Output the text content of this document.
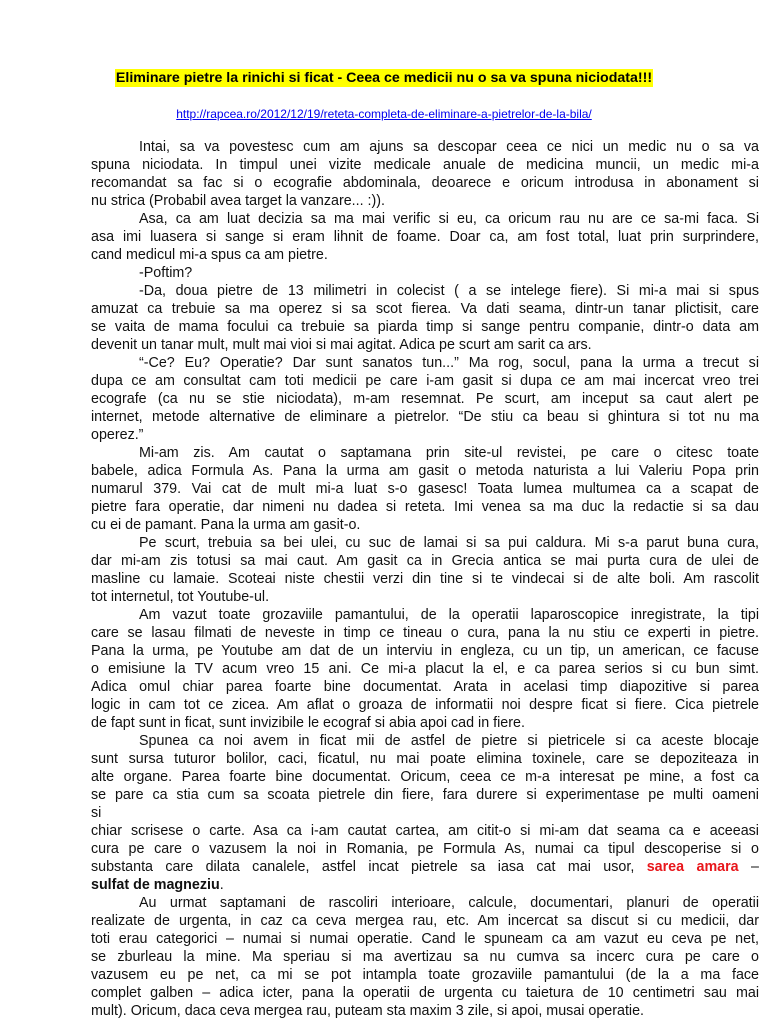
Eliminare pietre la rinichi si ficat - Ceea ce medicii nu o sa va spuna niciodata!!!
http://rapcea.ro/2012/12/19/reteta-completa-de-eliminare-a-pietrelor-de-la-bila/
Intai, sa va povestesc cum am ajuns sa descopar ceea ce nici un medic nu o sa va
spuna niciodata. In timpul unei vizite medicale anuale de medicina muncii, un medic mi-a
recomandat sa fac si o ecografie abdominala, deoarece e oricum introdusa in abonament si
nu strica (Probabil avea target la vanzare... :)).
Asa, ca am luat decizia sa ma mai verific si eu, ca oricum rau nu are ce sa-mi faca. Si
asa imi luasera si sange si eram lihnit de foame. Doar ca, am fost total, luat prin surprindere,
cand medicul mi-a spus ca am pietre.
-Poftim?
-Da, doua pietre de 13 milimetri in colecist ( a se intelege fiere). Si mi-a mai si spus
amuzat ca trebuie sa ma operez si sa scot fierea. Va dati seama, dintr-un tanar plictisit, care
se vaita de mama focului ca trebuie sa piarda timp si sange pentru companie, dintr-o data am
devenit un tanar mult, mult mai vioi si mai agitat. Adica pe scurt am sarit ca ars.
“-Ce? Eu? Operatie? Dar sunt sanatos tun...” Ma rog, socul, pana la urma a trecut si
dupa ce am consultat cam toti medicii pe care i-am gasit si dupa ce am mai incercat vreo trei
ecografe (ca nu se stie niciodata), m-am resemnat. Pe scurt, am inceput sa caut alert pe
internet, metode alternative de eliminare a pietrelor. “De stiu ca beau si ghintura si tot nu ma
operez.”
Mi-am zis. Am cautat o saptamana prin site-ul revistei, pe care o citesc toate
babele, adica Formula As. Pana la urma am gasit o metoda naturista a lui Valeriu Popa prin
numarul 379. Vai cat de mult mi-a luat s-o gasesc! Toata lumea multumea ca a scapat de
pietre fara operatie, dar nimeni nu dadea si reteta. Imi venea sa ma duc la redactie si sa dau
cu ei de pamant. Pana la urma am gasit-o.
Pe scurt, trebuia sa bei ulei, cu suc de lamai si sa pui caldura. Mi s-a parut buna cura,
dar mi-am zis totusi sa mai caut. Am gasit ca in Grecia antica se mai purta cura de ulei de
masline cu lamaie. Scoteai niste chestii verzi din tine si te vindecai si de alte boli. Am rascolit
tot internetul, tot Youtube-ul.
Am vazut toate grozaviile pamantului, de la operatii laparoscopice inregistrate, la tipi
care se lasau filmati de neveste in timp ce tineau o cura, pana la nu stiu ce experti in pietre.
Pana la urma, pe Youtube am dat de un interviu in engleza, cu un tip, un american, ce facuse
o emisiune la TV acum vreo 15 ani. Ce mi-a placut la el, e ca parea serios si cu bun simt.
Adica omul chiar parea foarte bine documentat. Arata in acelasi timp diapozitive si parea
logic in cam tot ce zicea. Am aflat o groaza de informatii noi despre ficat si fiere. Cica pietrele
de fapt sunt in ficat, sunt invizibile le ecograf si abia apoi cad in fiere.
Spunea ca noi avem in ficat mii de astfel de pietre si pietricele si ca aceste blocaje
sunt sursa tuturor bolilor, caci, ficatul, nu mai poate elimina toxinele, care se depoziteaza in
alte organe. Parea foarte bine documentat. Oricum, ceea ce m-a interesat pe mine, a fost ca
se pare ca stia cum sa scoata pietrele din fiere, fara durere si experimentase pe multi oameni
si
chiar scrisese o carte. Asa ca i-am cautat cartea, am citit-o si mi-am dat seama ca e aceeasi
cura pe care o vazusem la noi in Romania, pe Formula As, numai ca tipul descoperise si o
substanta care dilata canalele, astfel incat pietrele sa iasa cat mai usor, sarea amara –
sulfat de magneziu.
Au urmat saptamani de rascoliri interioare, calcule, documentari, planuri de operatii
realizate de urgenta, in caz ca ceva mergea rau, etc. Am incercat sa discut si cu medicii, dar
toti erau categorici – numai si numai operatie. Cand le spuneam ca am vazut eu ceva pe net,
se zburleau la mine. Ma speriau si ma avertizau sa nu cumva sa incerc cura pe care o
vazusem eu pe net, ca mi se pot intampla toate grozaviile pamantului (de la a ma face
complet galben – adica icter, pana la operatii de urgenta cu taietura de 10 centimetri sau mai
mult). Oricum, daca ceva mergea rau, puteam sta maxim 3 zile, si apoi, musai operatie.
